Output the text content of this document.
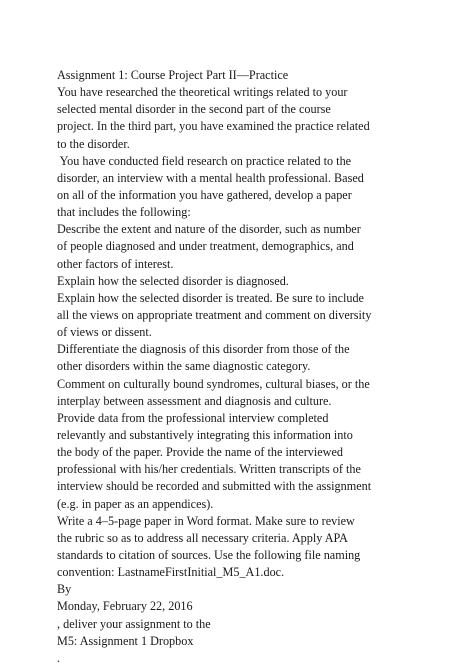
Assignment 1: Course Project Part II—Practice
You have researched the theoretical writings related to your
selected mental disorder in the second part of the course
project. In the third part, you have examined the practice related
to the disorder.
You have conducted field research on practice related to the
disorder, an interview with a mental health professional. Based
on all of the information you have gathered, develop a paper
that includes the following:
Describe the extent and nature of the disorder, such as number
of people diagnosed and under treatment, demographics, and
other factors of interest.
Explain how the selected disorder is diagnosed.
Explain how the selected disorder is treated. Be sure to include
all the views on appropriate treatment and comment on diversity
of views or dissent.
Differentiate the diagnosis of this disorder from those of the
other disorders within the same diagnostic category.
Comment on culturally bound syndromes, cultural biases, or the
interplay between assessment and diagnosis and culture.
Provide data from the professional interview completed
relevantly and substantively integrating this information into
the body of the paper. Provide the name of the interviewed
professional with his/her credentials. Written transcripts of the
interview should be recorded and submitted with the assignment
(e.g. in paper as an appendices).
Write a 4–5-page paper in Word format. Make sure to review
the rubric so as to address all necessary criteria. Apply APA
standards to citation of sources. Use the following file naming
convention: LastnameFirstInitial_M5_A1.doc.
By
Monday, February 22, 2016
, deliver your assignment to the
M5: Assignment 1 Dropbox
.
